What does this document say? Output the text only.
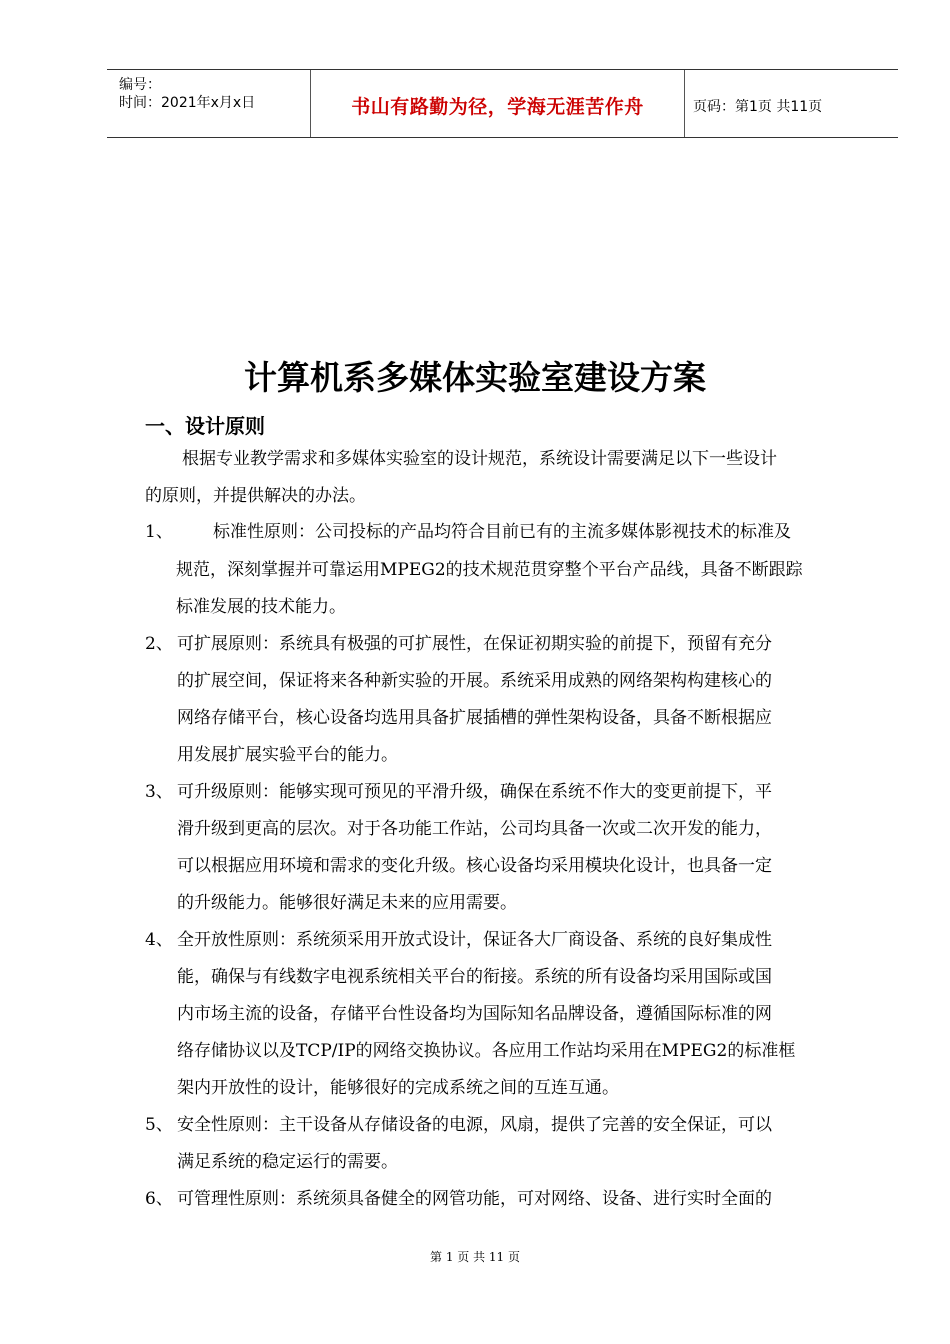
编号：
时间：2021年x月x日	书山有路勤为径，学海无涯苦作舟	页码：第1页 共11页
计算机系多媒体实验室建设方案
一、设计原则
根据专业教学需求和多媒体实验室的设计规范，系统设计需要满足以下一些设计
的原则，并提供解决的办法。
1、 标准性原则：公司投标的产品均符合目前已有的主流多媒体影视技术的标准及
规范，深刻掌握并可靠运用MPEG2的技术规范贯穿整个平台产品线，具备不断跟踪
标准发展的技术能力。
2、 可扩展原则：系统具有极强的可扩展性，在保证初期实验的前提下，预留有充分
的扩展空间，保证将来各种新实验的开展。系统采用成熟的网络架构构建核心的
网络存储平台，核心设备均选用具备扩展插槽的弹性架构设备，具备不断根据应
用发展扩展实验平台的能力。
3、 可升级原则：能够实现可预见的平滑升级，确保在系统不作大的变更前提下，平
滑升级到更高的层次。对于各功能工作站，公司均具备一次或二次开发的能力，
可以根据应用环境和需求的变化升级。核心设备均采用模块化设计，也具备一定
的升级能力。能够很好满足未来的应用需要。
4、 全开放性原则：系统须采用开放式设计，保证各大厂商设备、系统的良好集成性
能，确保与有线数字电视系统相关平台的衔接。系统的所有设备均采用国际或国
内市场主流的设备，存储平台性设备均为国际知名品牌设备，遵循国际标准的网
络存储协议以及TCP/IP的网络交换协议。各应用工作站均采用在MPEG2的标准框
架内开放性的设计，能够很好的完成系统之间的互连互通。
5、 安全性原则：主干设备从存储设备的电源，风扇，提供了完善的安全保证，可以
满足系统的稳定运行的需要。
6、 可管理性原则：系统须具备健全的网管功能，可对网络、设备、进行实时全面的
第 1 页 共 11 页
